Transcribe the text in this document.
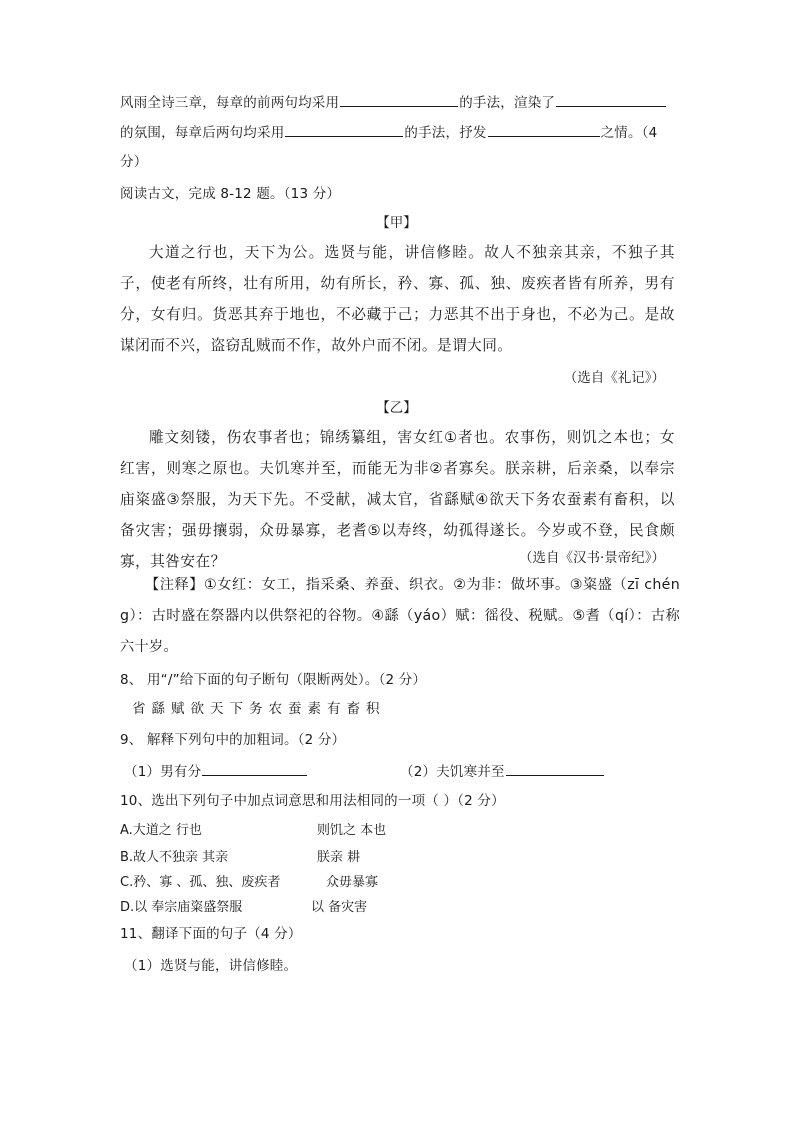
风雨全诗三章，每章的前两句均采用	的手法，渲染了
的氛围，每章后两句均采用	的手法，抒发	之情。（4
分）
阅读古文，完成 8-12 题。（13 分）
【甲】
大道之行也，天下为公。选贤与能，讲信修睦。故人不独亲其亲，不独子其子，使老有所终，壮有所用，幼有所长，矜、寡、孤、独、废疾者皆有所养，男有分，女有归。货恶其弃于地也，不必藏于己；力恶其不出于身也，不必为己。是故谋闭而不兴，盗窃乱贼而不作，故外户而不闭。是谓大同。
（选自《礼记》）
【乙】
雕文刻镂，伤农事者也；锦绣纂组，害女红①者也。农事伤，则饥之本也；女红害，则寒之原也。夫饥寒并至，而能无为非②者寡矣。朕亲耕，后亲桑，以奉宗庙粢盛③祭服，为天下先。不受献，减太官，省繇赋④欲天下务农蚕素有畜积，以备灾害；强毋攘弱，众毋暴寡，老耆⑤以寿终，幼孤得遂长。今岁或不登，民食颇寡，其咎安在？	（选自《汉书·景帝纪》）
【注释】①女红：女工，指采桑、养蚕、织衣。②为非：做坏事。③粢盛（zī chéng）：古时盛在祭器内以供祭祀的谷物。④繇（yáo）赋：徭役、税赋。⑤耆（qí）：古称六十岁。
8、 用“/”给下面的句子断句（限断两处）。（2 分）
省繇赋欲天下务农蚕素有畜积
9、 解释下列句中的加粗词。（2 分）
（1）男有分	（2）夫饥寒并至
10、选出下列句子中加点词意思和用法相同的一项（ ）（2 分）
A.大道之 行也	则饥之 本也
B.故人不独亲 其亲	朕亲 耕
C.矜、寡 、孤、独、废疾者	众毋暴寡
D.以 奉宗庙粢盛祭服	以 备灾害
11、翻译下面的句子（4 分）
（1）选贤与能，讲信修睦。
